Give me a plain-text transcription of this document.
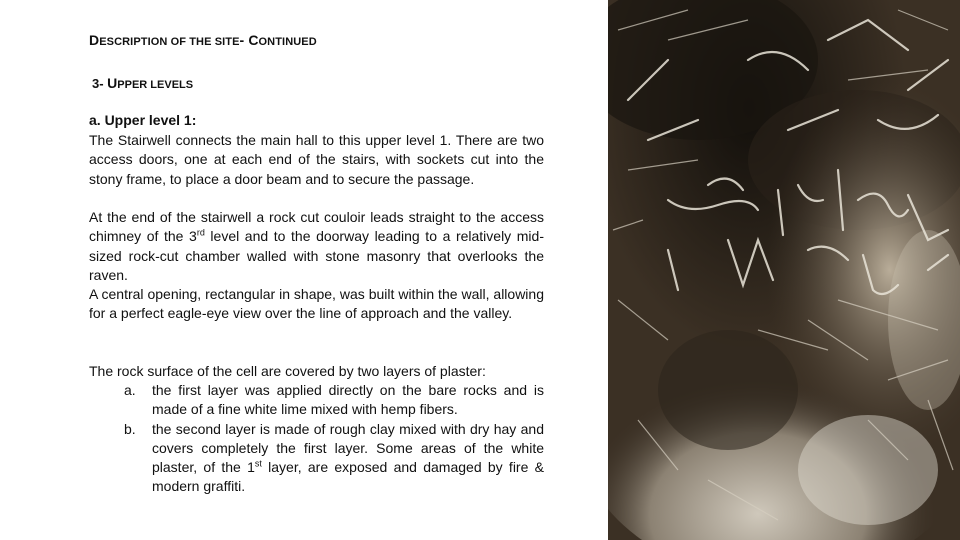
DESCRIPTION OF THE SITE- CONTINUED
3- UPPER LEVELS
a. Upper level 1:

The Stairwell connects the main hall to this upper level 1. There are two access doors, one at each end of the stairs, with sockets cut into the stony frame, to place a door beam and to secure the passage.

At the end of the stairwell a rock cut couloir leads straight to the access chimney of the 3rd level and to the doorway leading to a relatively mid-sized rock-cut chamber walled with stone masonry that overlooks the raven.

A central opening, rectangular in shape, was built within the wall, allowing for a perfect eagle-eye view over the line of approach and the valley.

The rock surface of the cell are covered by two layers of plaster:

a. the first layer was applied directly on the bare rocks and is made of a fine white lime mixed with hemp fibers.
b. the second layer is made of rough clay mixed with dry hay and covers completely the first layer. Some areas of the white plaster, of the 1st layer, are exposed and damaged by fire & modern graffiti.
